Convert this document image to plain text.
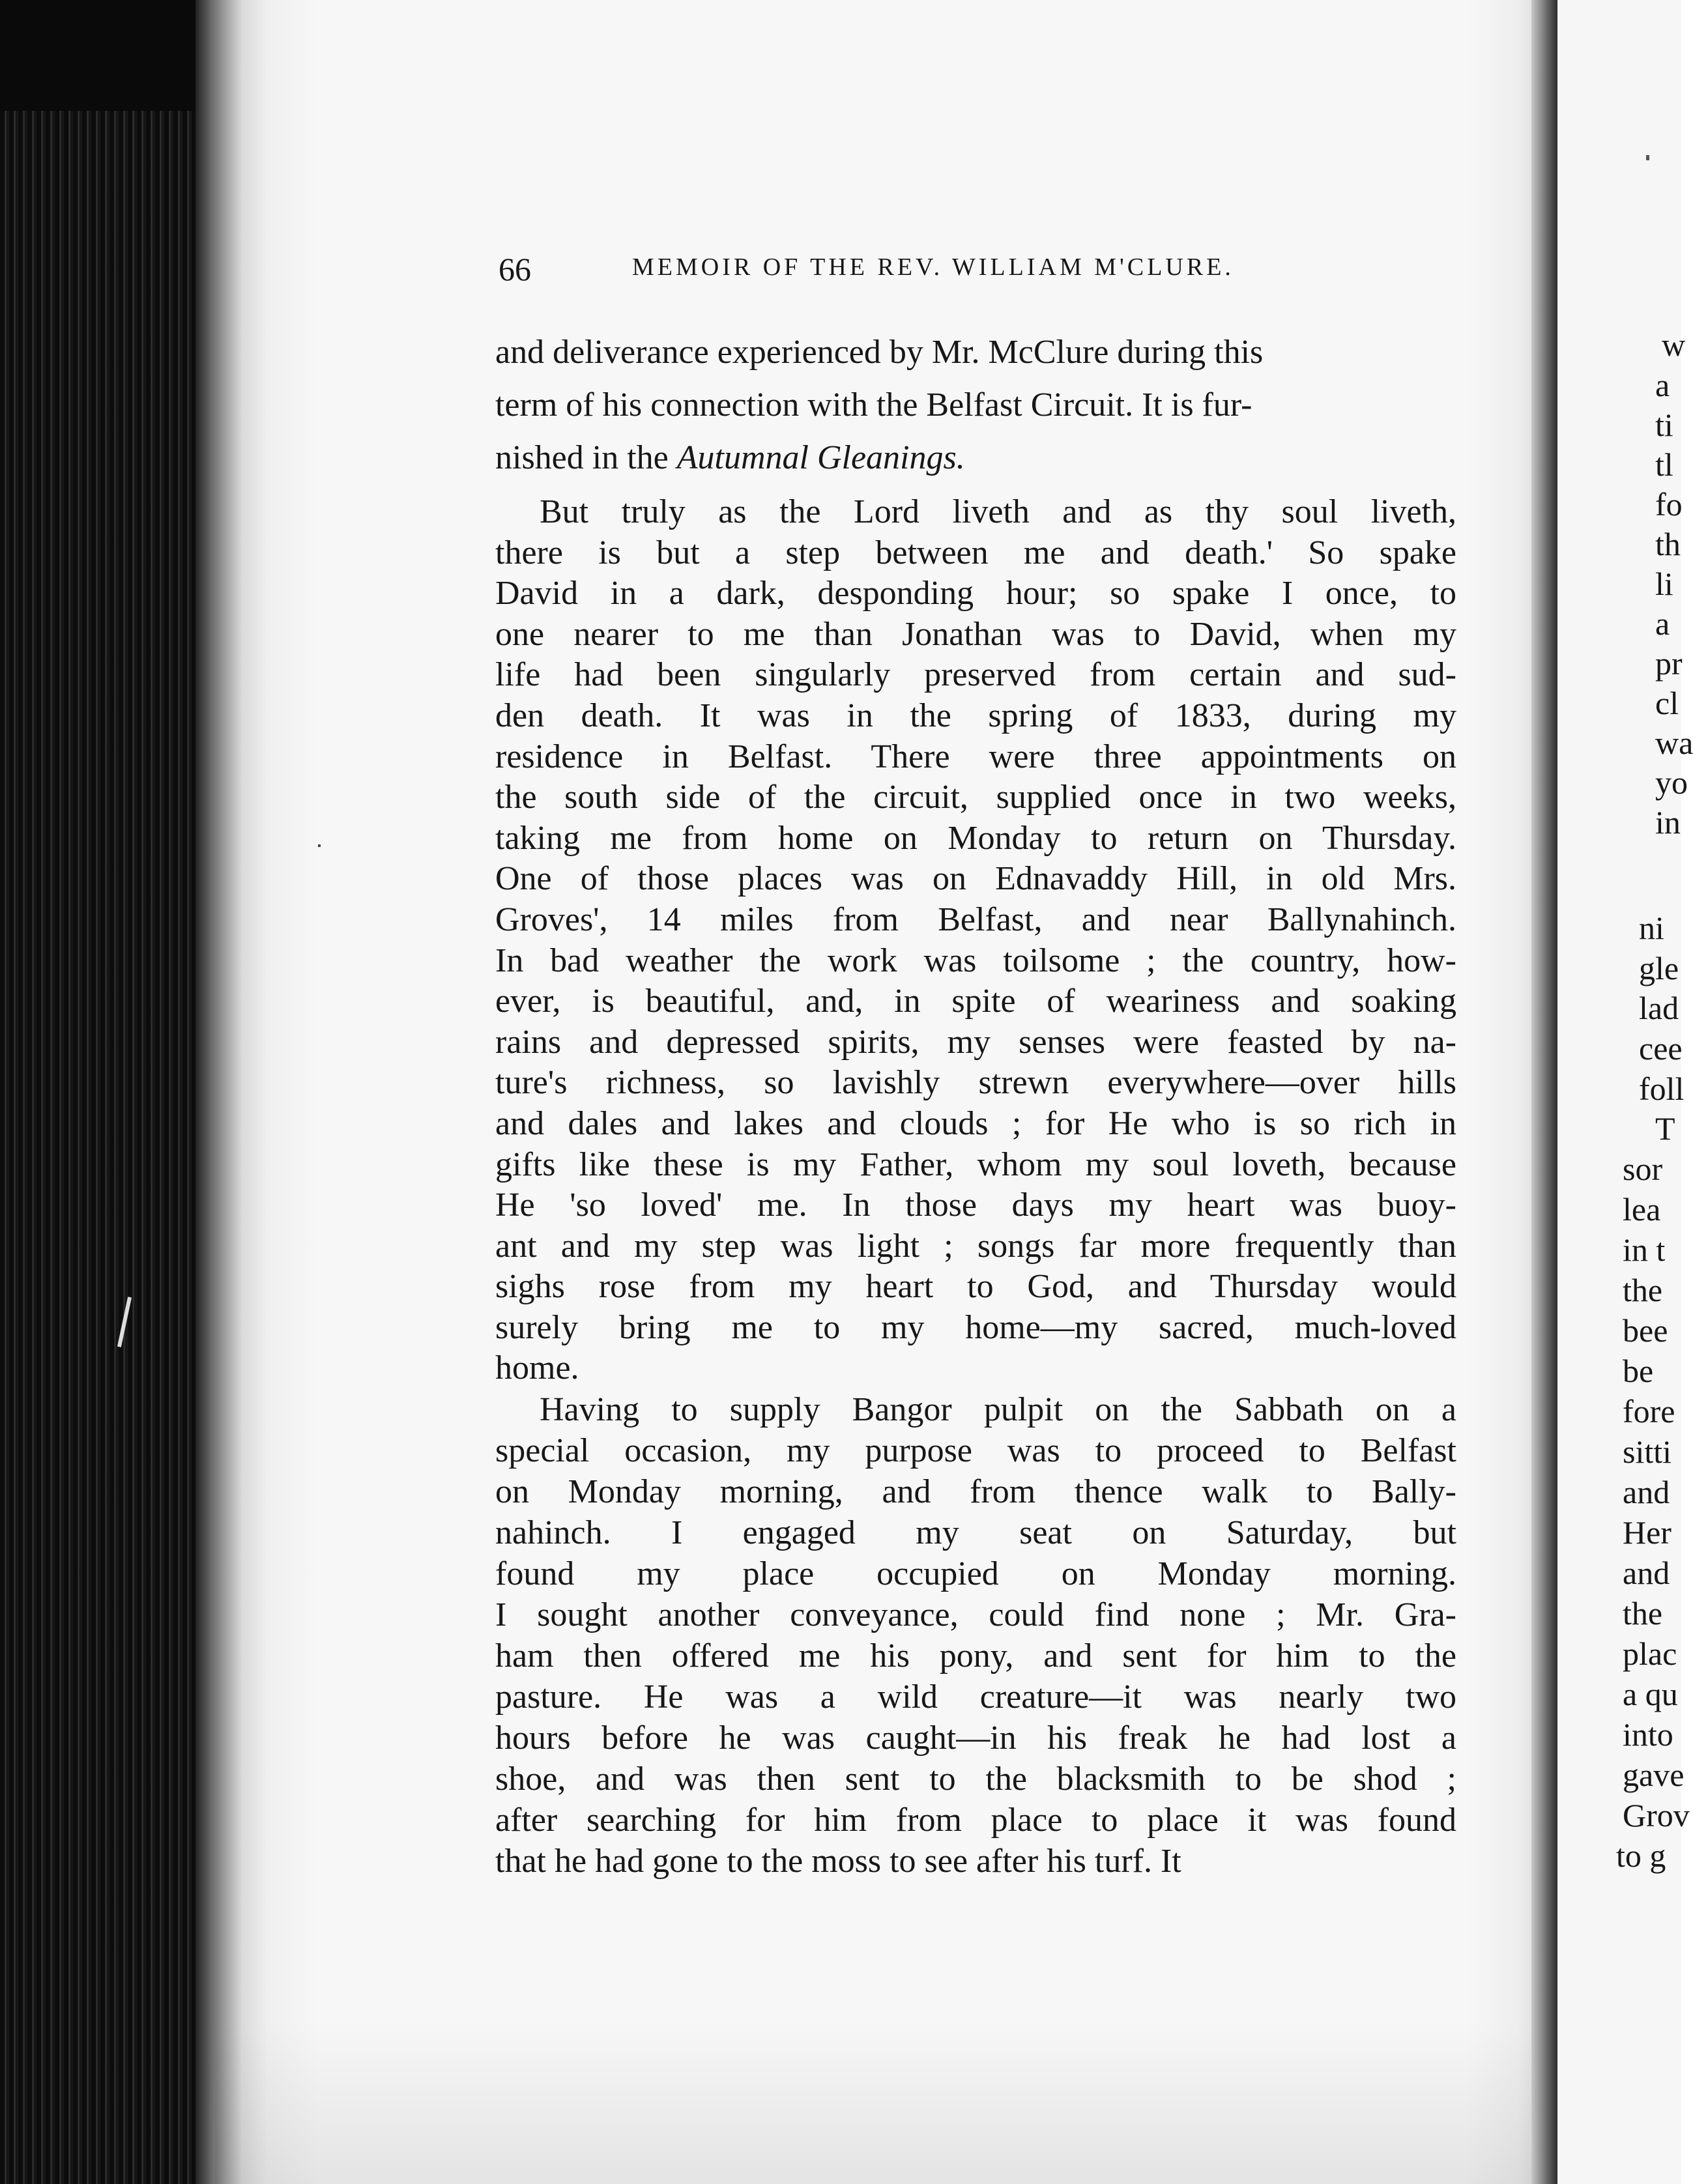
w
a
ti
tl
fo
th
li
a
pr
cl
wa
yo
in
ni
gle
lad
cee
foll
T
sor
lea
in t
the
bee
be
fore
sitti
and
Her
and
the
plac
a qu
into
gave
Grov
to g
66	MEMOIR OF THE REV. WILLIAM M'CLURE.

and deliverance experienced by Mr. McClure during this

term of his connection with the Belfast Circuit. It is fur-

nished in the Autumnal Gleanings.

But truly as the Lord liveth and as thy soul liveth,

there is but a step between me and death.' So spake

David in a dark, desponding hour; so spake I once, to

one nearer to me than Jonathan was to David, when my

life had been singularly preserved from certain and sud-

den death. It was in the spring of 1833, during my

residence in Belfast. There were three appointments on

the south side of the circuit, supplied once in two weeks,

taking me from home on Monday to return on Thursday.

One of those places was on Ednavaddy Hill, in old Mrs.

Groves', 14 miles from Belfast, and near Ballynahinch.

In bad weather the work was toilsome ; the country, how-

ever, is beautiful, and, in spite of weariness and soaking

rains and depressed spirits, my senses were feasted by na-

ture's richness, so lavishly strewn everywhere—over hills

and dales and lakes and clouds ; for He who is so rich in

gifts like these is my Father, whom my soul loveth, because

He 'so loved' me. In those days my heart was buoy-

ant and my step was light ; songs far more frequently than

sighs rose from my heart to God, and Thursday would

surely bring me to my home—my sacred, much-loved

home.

Having to supply Bangor pulpit on the Sabbath on a

special occasion, my purpose was to proceed to Belfast

on Monday morning, and from thence walk to Bally-

nahinch. I engaged my seat on Saturday, but

found my place occupied on Monday morning.

I sought another conveyance, could find none ; Mr. Gra-

ham then offered me his pony, and sent for him to the

pasture. He was a wild creature—it was nearly two

hours before he was caught—in his freak he had lost a

shoe, and was then sent to the blacksmith to be shod ;

after searching for him from place to place it was found

that he had gone to the moss to see after his turf. It
